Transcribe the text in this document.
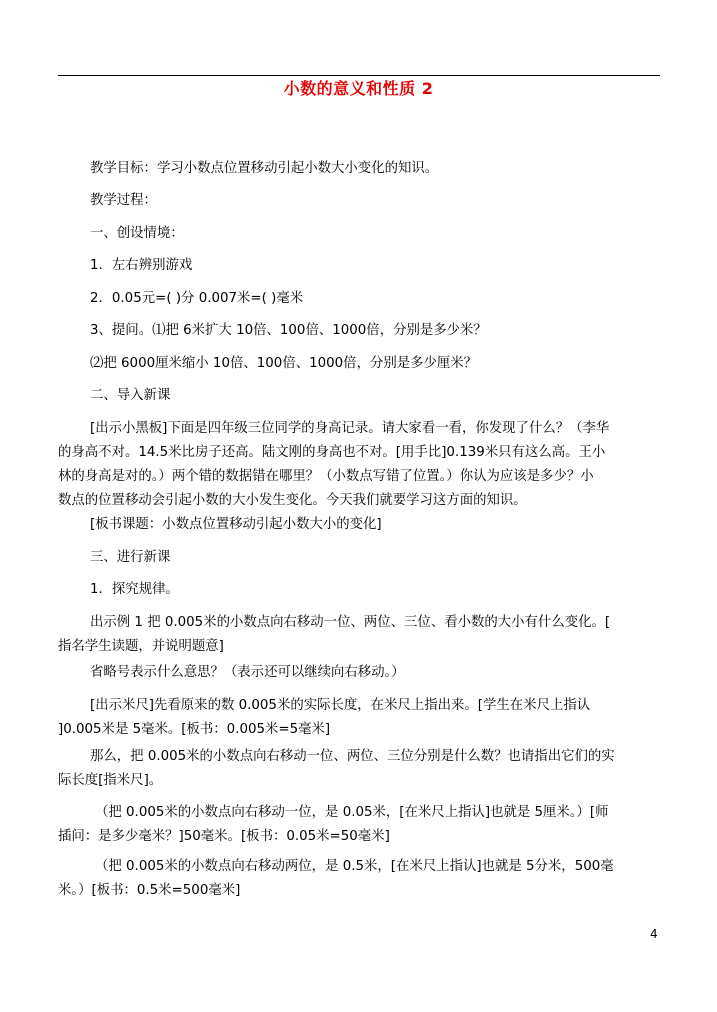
小数的意义和性质 2
教学目标：学习小数点位置移动引起小数大小变化的知识。
教学过程：
一、创设情境：
1．左右辨别游戏
2．0.05元=( )分 0.007米=( )毫米
3、提问。⑴把 6米扩大 10倍、100倍、1000倍，分别是多少米？
⑵把 6000厘米缩小 10倍、100倍、1000倍，分别是多少厘米？
二、导入新课
[出示小黑板]下面是四年级三位同学的身高记录。请大家看一看，你发现了什么？（李华
的身高不对。14.5米比房子还高。陆文刚的身高也不对。[用手比]0.139米只有这么高。王小
林的身高是对的。）两个错的数据错在哪里？（小数点写错了位置。）你认为应该是多少？小
数点的位置移动会引起小数的大小发生变化。今天我们就要学习这方面的知识。
[板书课题：小数点位置移动引起小数大小的变化]
三、进行新课
1．探究规律。
出示例 1 把 0.005米的小数点向右移动一位、两位、三位、看小数的大小有什么变化。[
指名学生读题，并说明题意]
省略号表示什么意思？（表示还可以继续向右移动。）
[出示米尺]先看原来的数 0.005米的实际长度，在米尺上指出来。[学生在米尺上指认
]0.005米是 5毫米。[板书：0.005米=5毫米]
那么，把 0.005米的小数点向右移动一位、两位、三位分别是什么数？也请指出它们的实
际长度[指米尺]。
（把 0.005米的小数点向右移动一位，是 0.05米，[在米尺上指认]也就是 5厘米。）[师
插问：是多少毫米？]50毫米。[板书：0.05米=50毫米]
（把 0.005米的小数点向右移动两位，是 0.5米，[在米尺上指认]也就是 5分米，500毫
米。）[板书：0.5米=500毫米]
4
